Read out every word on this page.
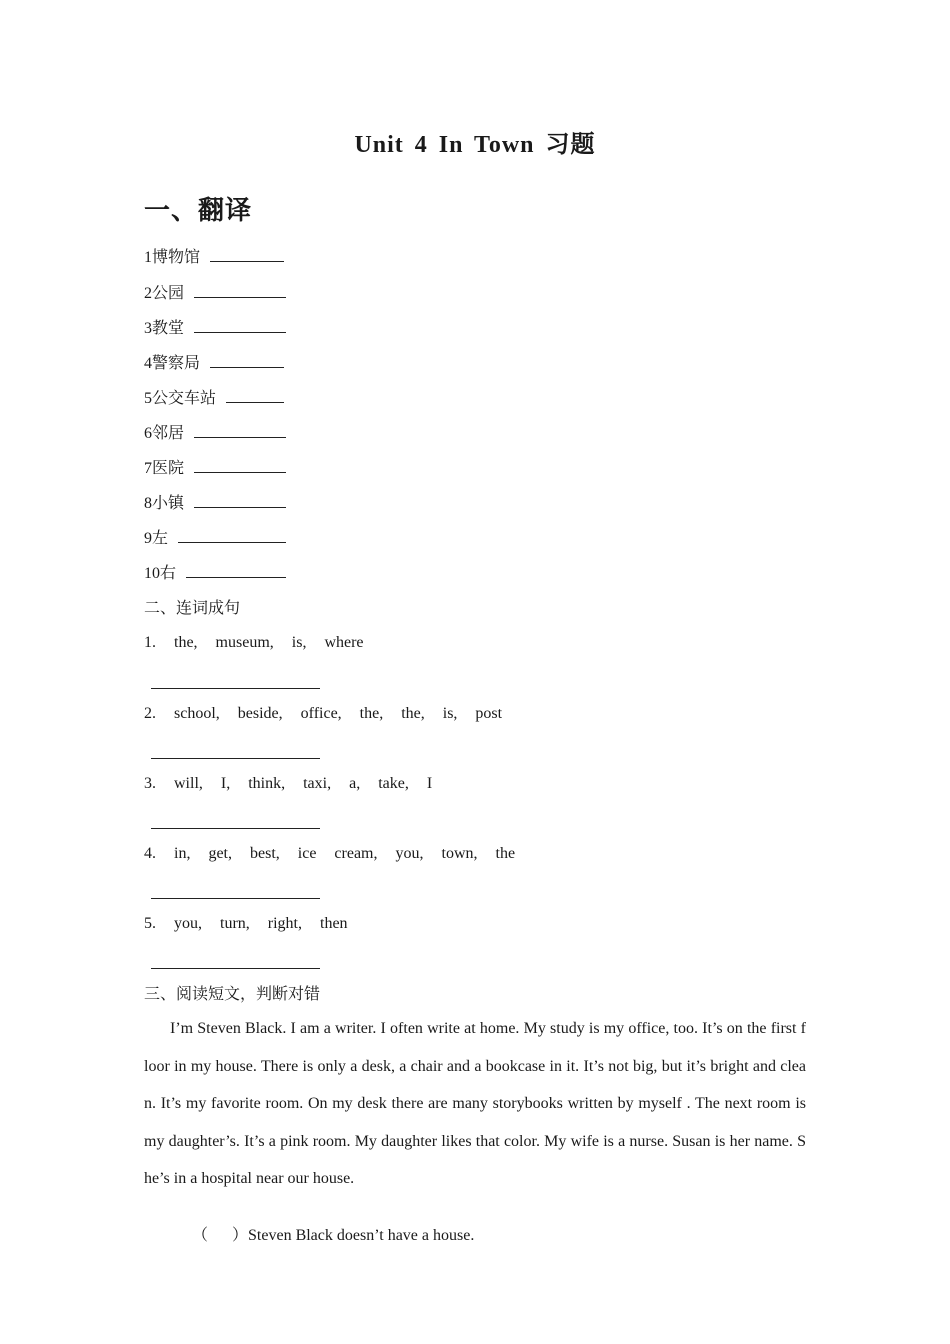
Unit 4 In Town 习题
一、翻译
1博物馆
2公园
3教堂
4警察局
5公交车站
6邻居
7医院
8小镇
9左
10右
二、连词成句
1.  the,  museum,  is,  where
2.  school,  beside,  office,  the,  the,  is,  post
3.  will,  I,  think,  taxi,  a,  take,  I
4.  in,  get,  best,  ice  cream,  you,  town,  the
5.  you,  turn,  right,  then
三、阅读短文，判断对错
I’m Steven Black. I am a writer. I often write at home. My study is my office, too. It’s on the first floor in my house. There is only a desk, a chair and a bookcase in it. It’s not big, but it’s bright and clean. It’s my favorite room. On my desk there are many storybooks written by myself . The next room is my daughter’s. It’s a pink room. My daughter likes that color. My wife is a nurse. Susan is her name. She’s in a hospital near our house.

（      ）Steven Black doesn’t have a house.
